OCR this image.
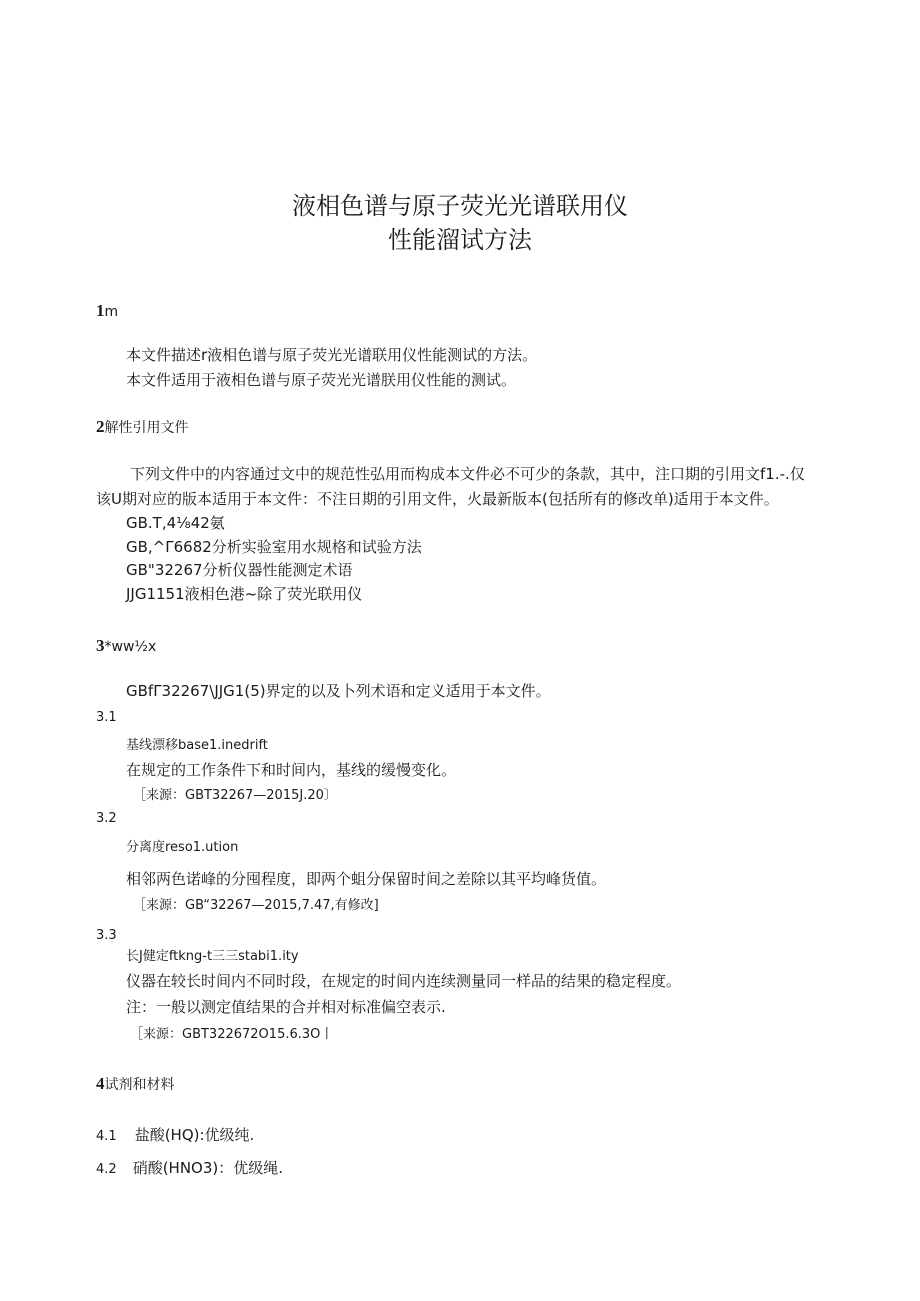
液相色谱与原子荧光光谱联用仪
性能溜试方法
1m
本文件描述r液相色谱与原子荧光光谱联用仪性能测试的方法。
本文件适用于液相色谱与原子荧光光谱朕用仪性能的测试。
2解性引用文件
下列文件中的内容通过文中的规范性弘用而构成本文件必不可少的条款，其中，注口期的引用文f1.-.仅
该U期对应的版本适用于本文件：不注日期的引用文件，火最新版本(包括所有的修改单)适用于本文件。
GB.T,4⅛42氨
GB,^Γ6682分析实验室用水规格和试验方法
GB"32267分析仪器性能测定术语
JJG1151液相色港~除了荧光联用仪
3*ww½x
GBfΓ32267\JJG1(5)界定的以及卜列术语和定义适用于本文件。
3.1
基线漂移base1.inedrift
在规定的工作条件下和时间内，基线的缓慢变化。
［来源：GBT32267—2015J.20〕
3.2
分离度reso1.ution
相邻两色诺峰的分囤程度，即两个蛆分保留时间之差除以其平均峰货值。
［来源：GB“32267—2015,7.47,有修改]
3.3
长J健定ftkng-t三三stabi1.ity
仪器在较长时间内不同时段，在规定的时间内连续测量同一样品的结果的稳定程度。
注：一般以测定值结果的合并相对标准偏空表示.
［来源：GBT322672O15.6.3O丨
4试剂和材料
4.1 盐酸(HQ):优级纯.
4.2 硝酸(HNO3)：优级绳.
